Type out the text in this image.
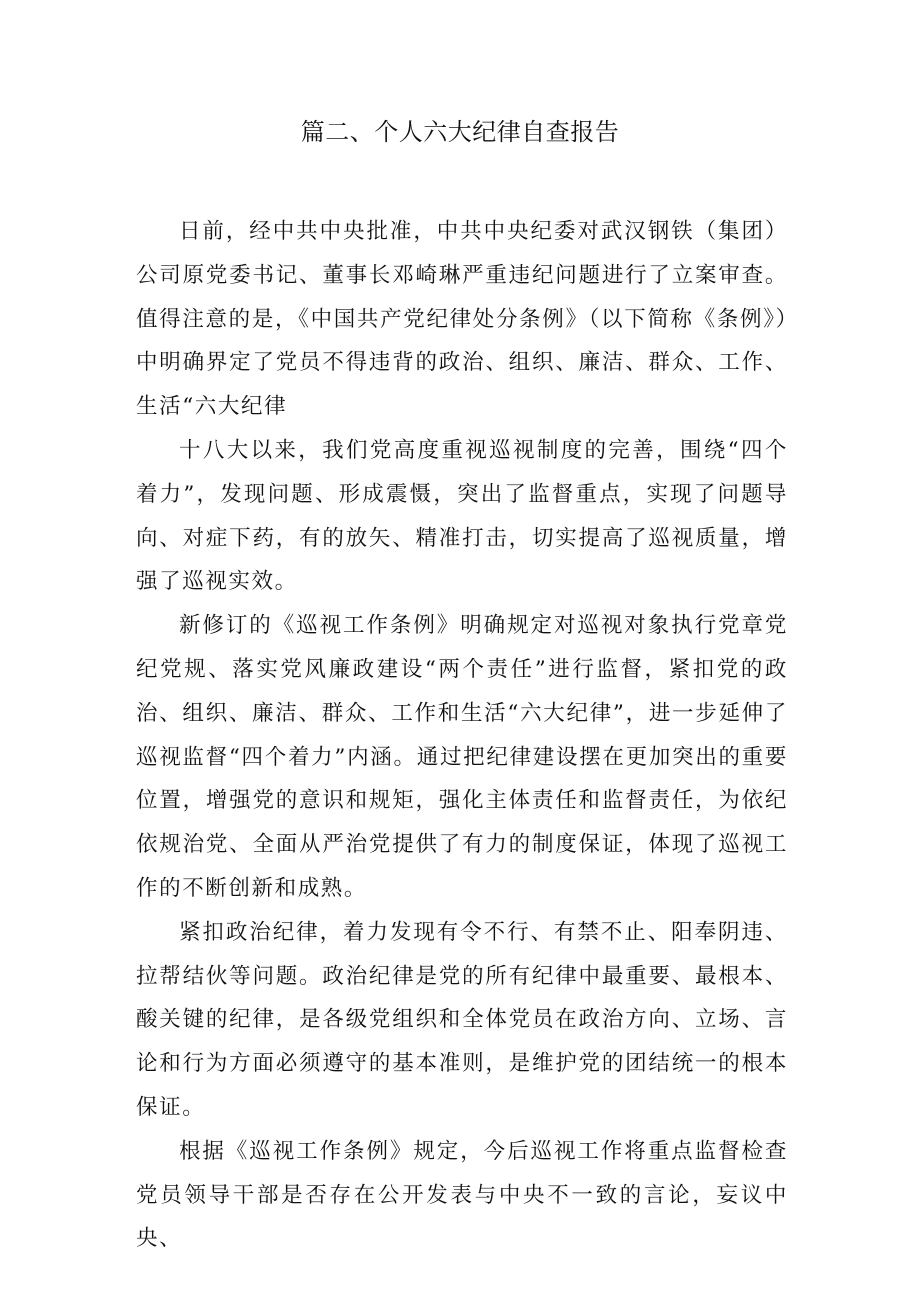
篇二、个人六大纪律自查报告

日前，经中共中央批准，中共中央纪委对武汉钢铁（集团）公司原党委书记、董事长邓崎琳严重违纪问题进行了立案审查。值得注意的是，《中国共产党纪律处分条例》（以下简称《条例》）中明确界定了党员不得违背的政治、组织、廉洁、群众、工作、生活“六大纪律

十八大以来，我们党高度重视巡视制度的完善，围绕“四个着力”，发现问题、形成震慑，突出了监督重点，实现了问题导向、对症下药，有的放矢、精准打击，切实提高了巡视质量，增强了巡视实效。

新修订的《巡视工作条例》明确规定对巡视对象执行党章党纪党规、落实党风廉政建设“两个责任”进行监督，紧扣党的政治、组织、廉洁、群众、工作和生活“六大纪律”，进一步延伸了巡视监督“四个着力”内涵。通过把纪律建设摆在更加突出的重要位置，增强党的意识和规矩，强化主体责任和监督责任，为依纪依规治党、全面从严治党提供了有力的制度保证，体现了巡视工作的不断创新和成熟。

紧扣政治纪律，着力发现有令不行、有禁不止、阳奉阴违、拉帮结伙等问题。政治纪律是党的所有纪律中最重要、最根本、酸关键的纪律，是各级党组织和全体党员在政治方向、立场、言论和行为方面必须遵守的基本准则，是维护党的团结统一的根本保证。

根据《巡视工作条例》规定，今后巡视工作将重点监督检查党员领导干部是否存在公开发表与中央不一致的言论，妄议中央、
